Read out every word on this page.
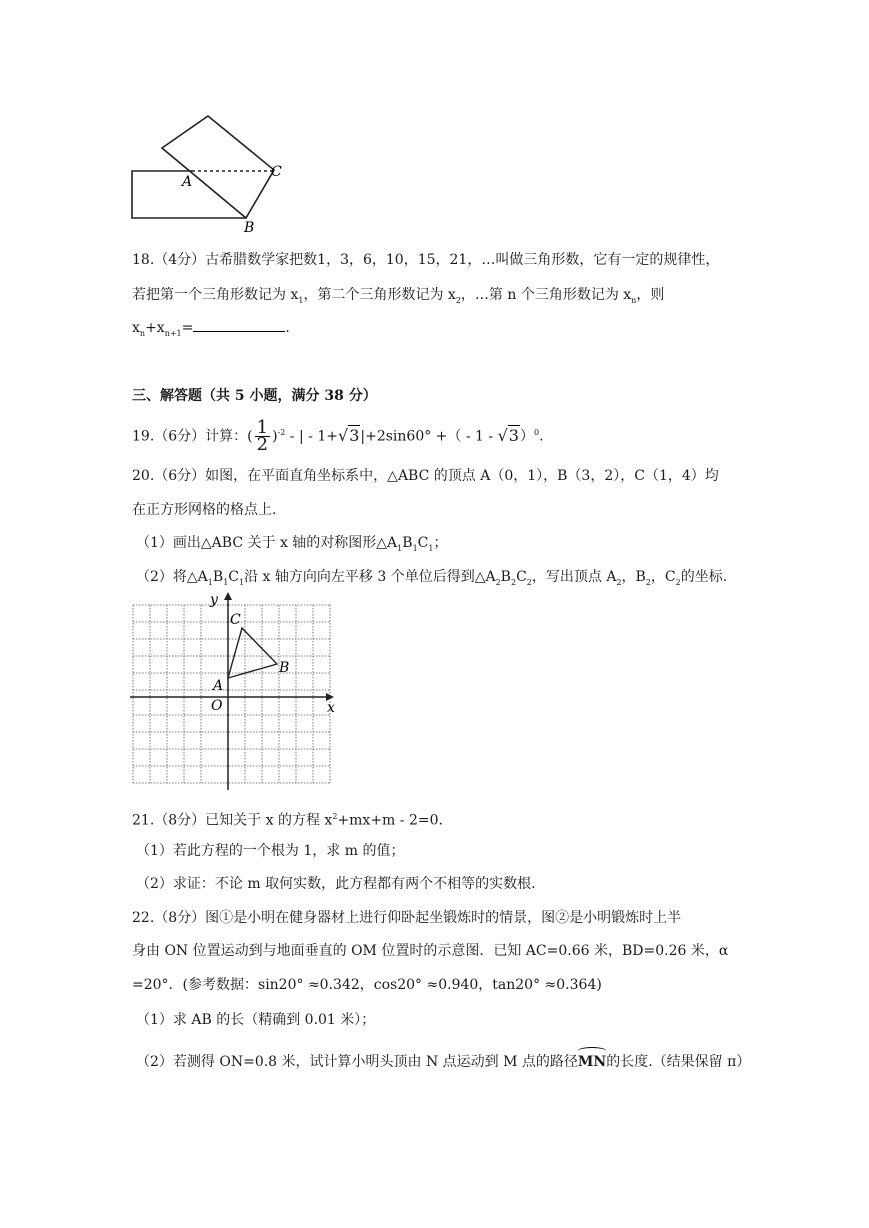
A
B
C
18.（4分）古希腊数学家把数1，3，6，10，15，21，…叫做三角形数，它有一定的规律性，
若把第一个三角形数记为 $x_1$，第二个三角形数记为 $x_2$，…第 n 个三角形数记为 $x_n$，则
$x_n+x_{n+1}=$	.
三、解答题（共 5 小题，满分 38 分）
19.（6分）计算：( $\frac{1}{2} )^{-2}$ - | - 1+√3|+2sin60° +（ - 1 - √3）$^0$.
20.（6分）如图，在平面直角坐标系中，△ABC 的顶点 A（0，1），B（3，2），C（1，4）均
在正方形网格的格点上.
（1）画出△ABC 关于 x 轴的对称图形$\triangle A_1B_1C_1$；
（2）将$\triangle A_1B_1C_1$沿 x 轴方向向左平移 3 个单位后得到$\triangle A_2B_2C_2$，写出顶点 $A_2$，$B_2$，$C_2$的坐标.
x
y
O
A
B
C
21.（8分）已知关于 x 的方程 $x^2+mx+m - 2=0$.
（1）若此方程的一个根为 1，求 m 的值；
（2）求证：不论 m 取何实数，此方程都有两个不相等的实数根.
22.（8分）图①是小明在健身器材上进行仰卧起坐锻炼时的情景，图②是小明锻炼时上半
身由 ON 位置运动到与地面垂直的 OM 位置时的示意图．已知 AC=0.66 米，BD=0.26 米，α
=20°．(参考数据：sin20° ≈0.342，cos20° ≈0.940，tan20° ≈0.364)
（1）求 AB 的长（精确到 0.01 米）；
（2）若测得 ON=0.8 米，试计算小明头顶由 N 点运动到 M 点的路径MN的长度.（结果保留 π）
